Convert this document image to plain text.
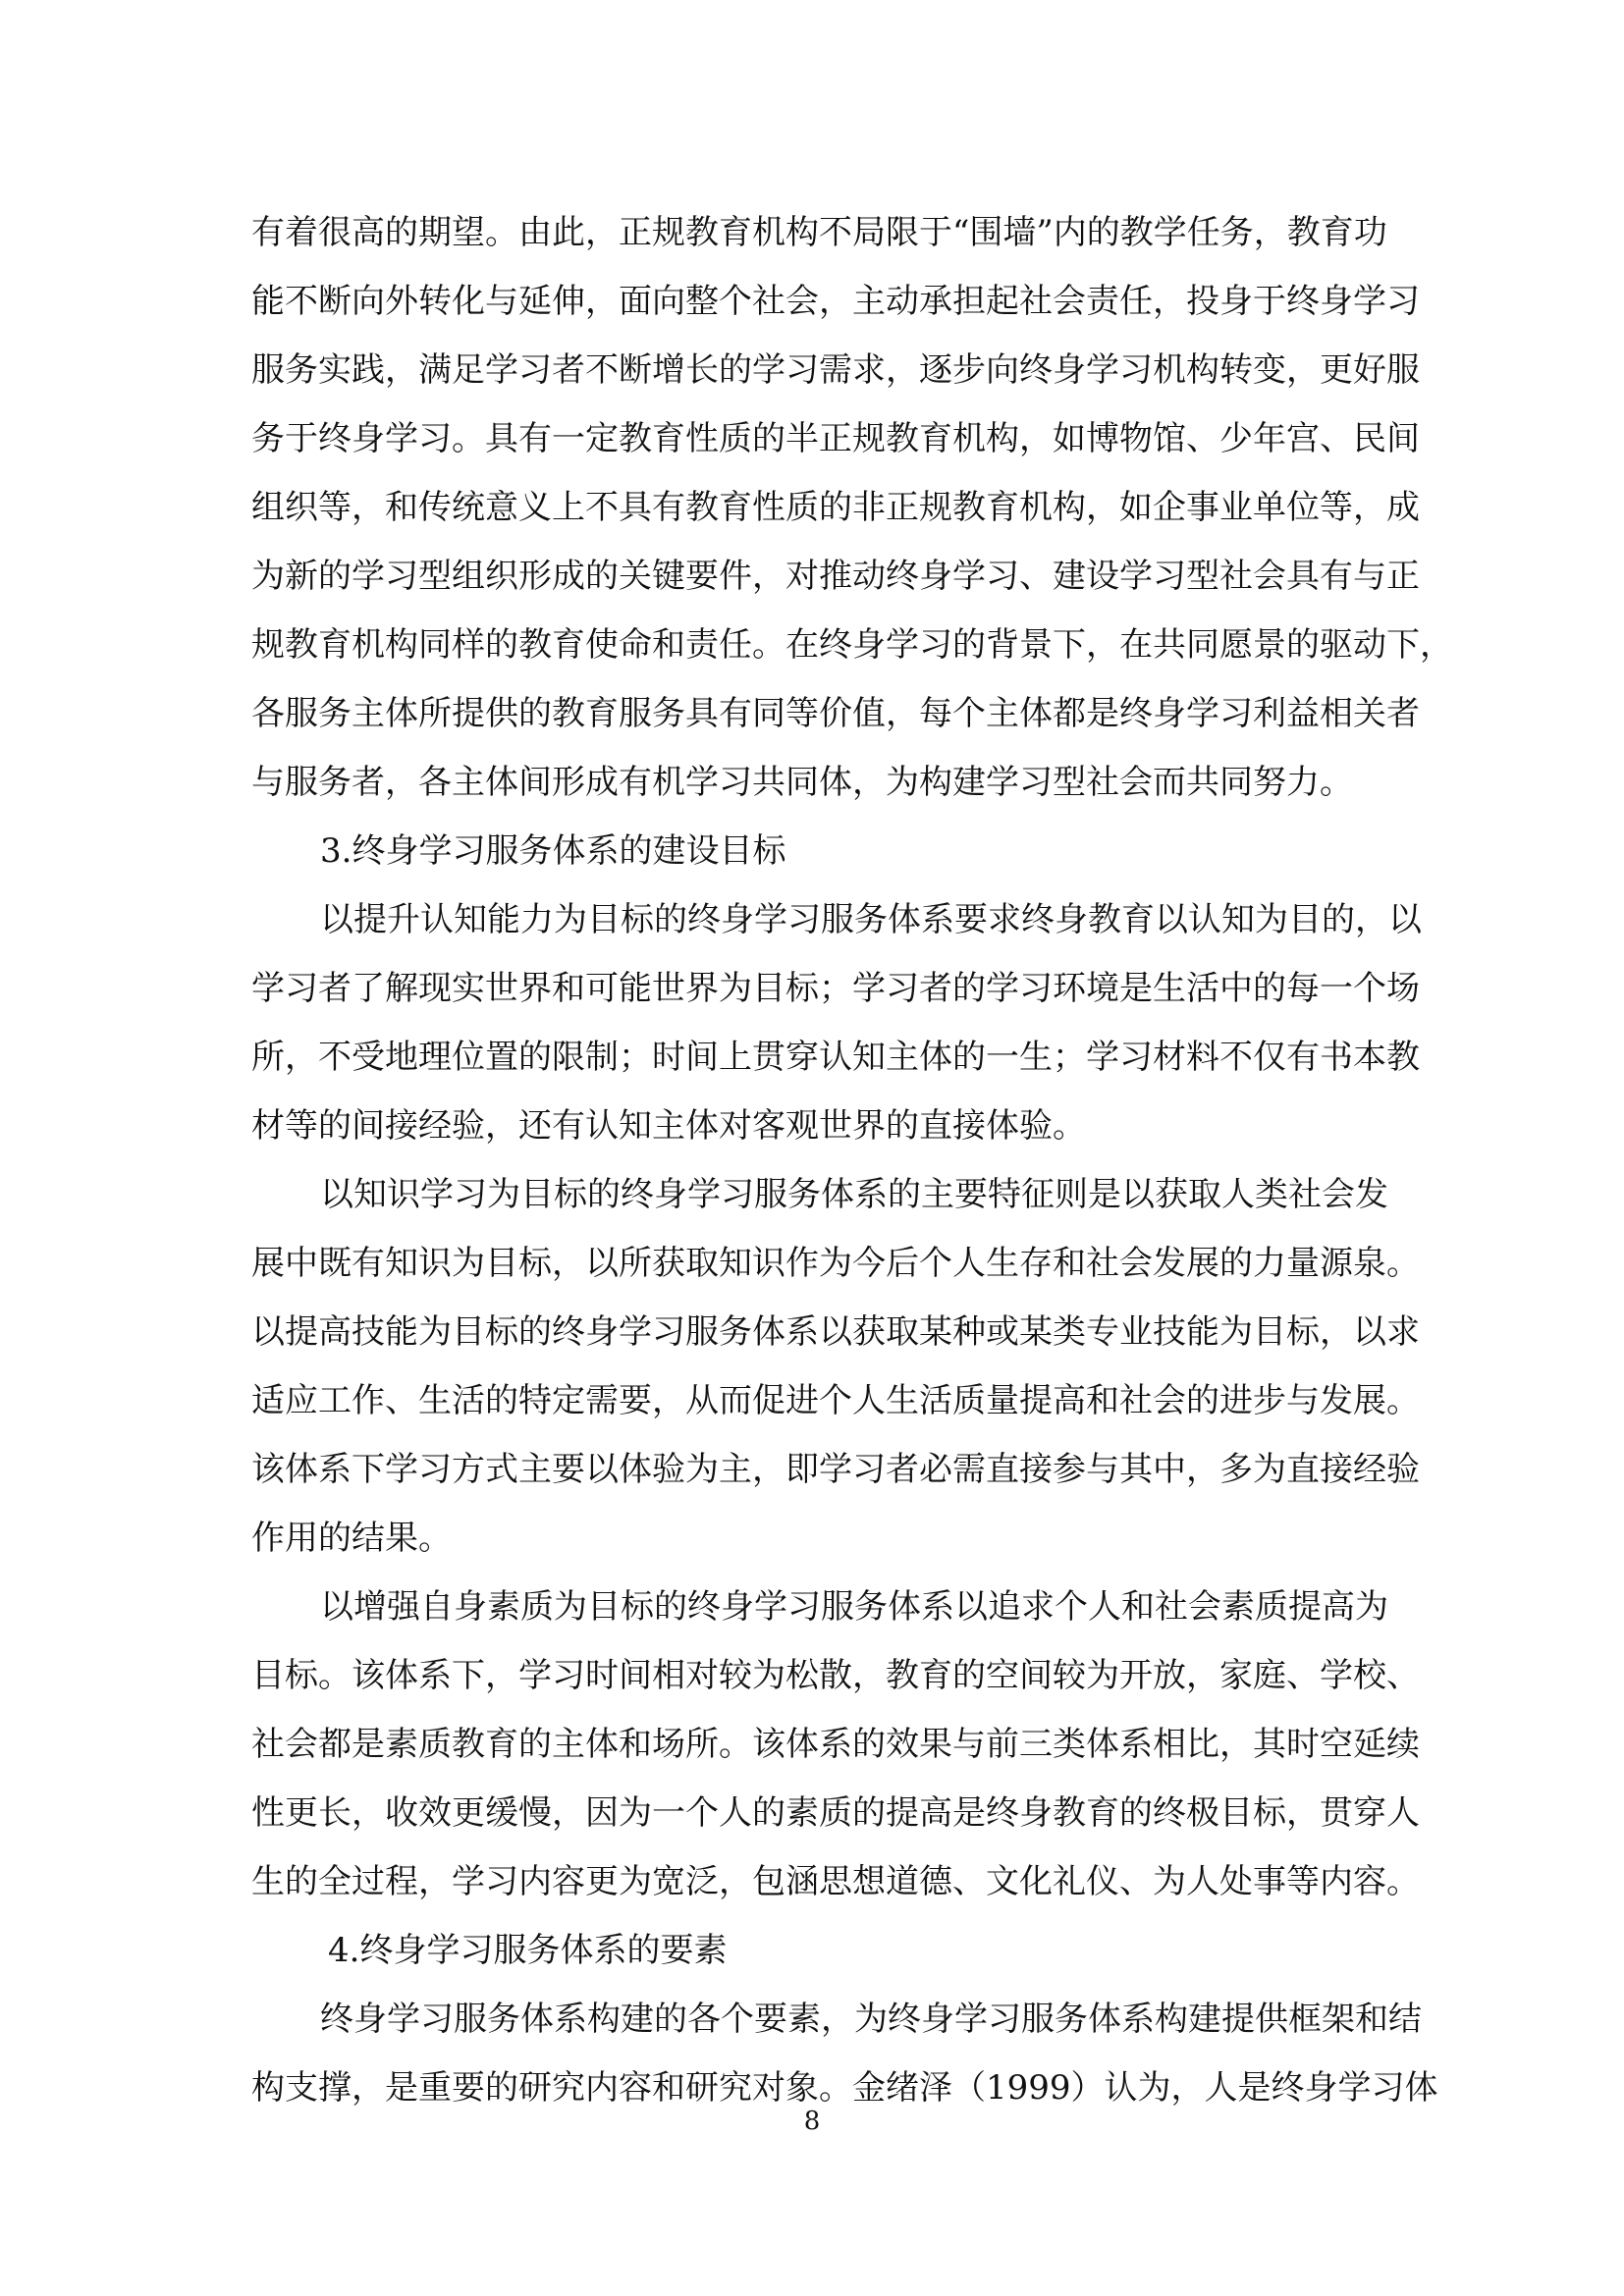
有着很高的期望。由此，正规教育机构不局限于“围墙”内的教学任务，教育功
能不断向外转化与延伸，面向整个社会，主动承担起社会责任，投身于终身学习
服务实践，满足学习者不断增长的学习需求，逐步向终身学习机构转变，更好服
务于终身学习。具有一定教育性质的半正规教育机构，如博物馆、少年宫、民间
组织等，和传统意义上不具有教育性质的非正规教育机构，如企事业单位等，成
为新的学习型组织形成的关键要件，对推动终身学习、建设学习型社会具有与正
规教育机构同样的教育使命和责任。在终身学习的背景下，在共同愿景的驱动下，
各服务主体所提供的教育服务具有同等价值，每个主体都是终身学习利益相关者
与服务者，各主体间形成有机学习共同体，为构建学习型社会而共同努力。
3.终身学习服务体系的建设目标
以提升认知能力为目标的终身学习服务体系要求终身教育以认知为目的，以
学习者了解现实世界和可能世界为目标；学习者的学习环境是生活中的每一个场
所，不受地理位置的限制；时间上贯穿认知主体的一生；学习材料不仅有书本教
材等的间接经验，还有认知主体对客观世界的直接体验。
以知识学习为目标的终身学习服务体系的主要特征则是以获取人类社会发
展中既有知识为目标，以所获取知识作为今后个人生存和社会发展的力量源泉。
以提高技能为目标的终身学习服务体系以获取某种或某类专业技能为目标，以求
适应工作、生活的特定需要，从而促进个人生活质量提高和社会的进步与发展。
该体系下学习方式主要以体验为主，即学习者必需直接参与其中，多为直接经验
作用的结果。
以增强自身素质为目标的终身学习服务体系以追求个人和社会素质提高为
目标。该体系下，学习时间相对较为松散，教育的空间较为开放，家庭、学校、
社会都是素质教育的主体和场所。该体系的效果与前三类体系相比，其时空延续
性更长，收效更缓慢，因为一个人的素质的提高是终身教育的终极目标，贯穿人
生的全过程，学习内容更为宽泛，包涵思想道德、文化礼仪、为人处事等内容。
4.终身学习服务体系的要素
终身学习服务体系构建的各个要素，为终身学习服务体系构建提供框架和结
构支撑，是重要的研究内容和研究对象。金绪泽（1999）认为，人是终身学习体
8
